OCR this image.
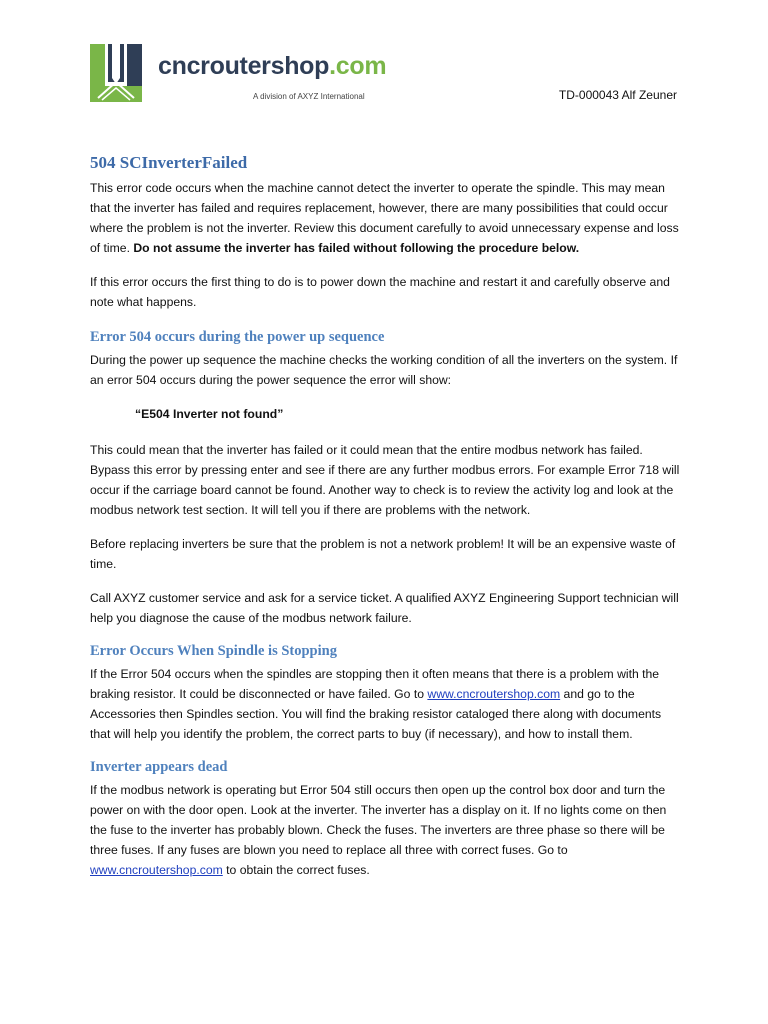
cncroutershop.com
A division of AXYZ International	TD-000043 Alf Zeuner
504 SCInverterFailed

This error code occurs when the machine cannot detect the inverter to operate the spindle. This may mean that the inverter has failed and requires replacement, however, there are many possibilities that could occur where the problem is not the inverter. Review this document carefully to avoid unnecessary expense and loss of time. Do not assume the inverter has failed without following the procedure below.

If this error occurs the first thing to do is to power down the machine and restart it and carefully observe and note what happens.

Error 504 occurs during the power up sequence

During the power up sequence the machine checks the working condition of all the inverters on the system. If an error 504 occurs during the power sequence the error will show:

“E504 Inverter not found”

This could mean that the inverter has failed or it could mean that the entire modbus network has failed. Bypass this error by pressing enter and see if there are any further modbus errors. For example Error 718 will occur if the carriage board cannot be found. Another way to check is to review the activity log and look at the modbus network test section. It will tell you if there are problems with the network.

Before replacing inverters be sure that the problem is not a network problem! It will be an expensive waste of time.

Call AXYZ customer service and ask for a service ticket. A qualified AXYZ Engineering Support technician will help you diagnose the cause of the modbus network failure.

Error Occurs When Spindle is Stopping

If the Error 504 occurs when the spindles are stopping then it often means that there is a problem with the braking resistor. It could be disconnected or have failed. Go to www.cncroutershop.com and go to the Accessories then Spindles section. You will find the braking resistor cataloged there along with documents that will help you identify the problem, the correct parts to buy (if necessary), and how to install them.

Inverter appears dead

If the modbus network is operating but Error 504 still occurs then open up the control box door and turn the power on with the door open. Look at the inverter. The inverter has a display on it. If no lights come on then the fuse to the inverter has probably blown. Check the fuses. The inverters are three phase so there will be three fuses. If any fuses are blown you need to replace all three with correct fuses. Go to www.cncroutershop.com to obtain the correct fuses.
